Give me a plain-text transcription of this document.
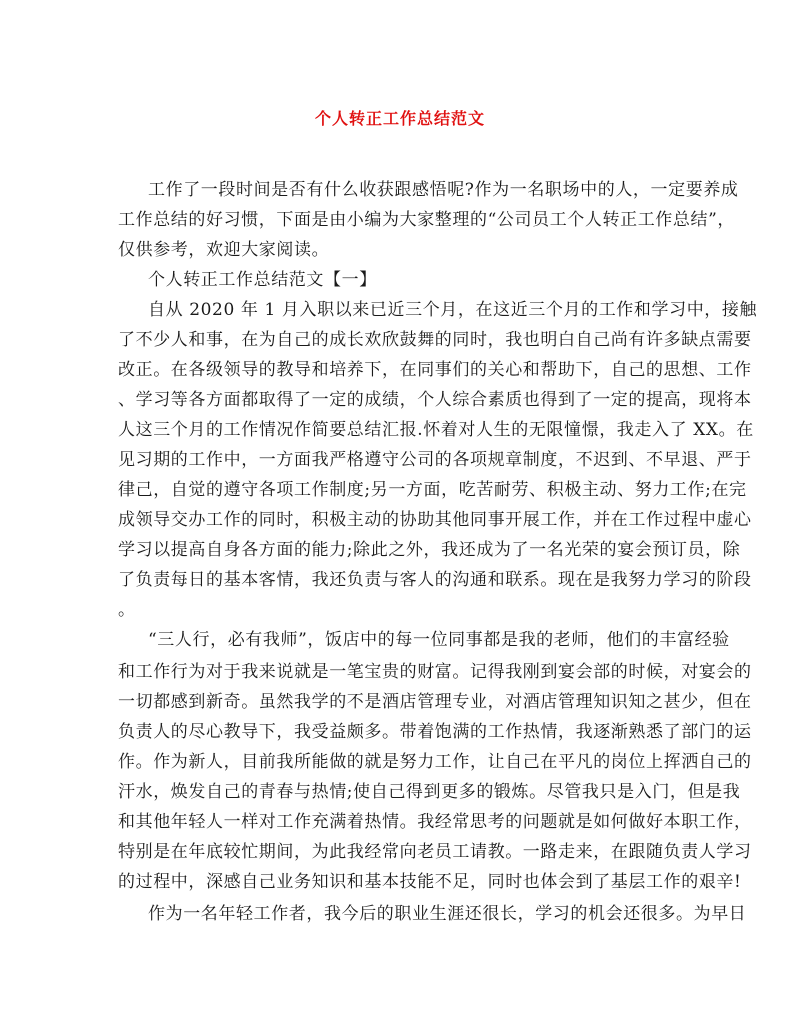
个人转正工作总结范文
工作了一段时间是否有什么收获跟感悟呢?作为一名职场中的人，一定要养成
工作总结的好习惯，下面是由小编为大家整理的“公司员工个人转正工作总结”，
仅供参考，欢迎大家阅读。
个人转正工作总结范文【一】
自从 2020 年 1 月入职以来已近三个月，在这近三个月的工作和学习中，接触
了不少人和事，在为自己的成长欢欣鼓舞的同时，我也明白自己尚有许多缺点需要
改正。在各级领导的教导和培养下，在同事们的关心和帮助下，自己的思想、工作
、学习等各方面都取得了一定的成绩，个人综合素质也得到了一定的提高，现将本
人这三个月的工作情况作简要总结汇报.怀着对人生的无限憧憬，我走入了 XX。在
见习期的工作中，一方面我严格遵守公司的各项规章制度，不迟到、不早退、严于
律己，自觉的遵守各项工作制度;另一方面，吃苦耐劳、积极主动、努力工作;在完
成领导交办工作的同时，积极主动的协助其他同事开展工作，并在工作过程中虚心
学习以提高自身各方面的能力;除此之外，我还成为了一名光荣的宴会预订员，除
了负责每日的基本客情，我还负责与客人的沟通和联系。现在是我努力学习的阶段
。
“三人行，必有我师”，饭店中的每一位同事都是我的老师，他们的丰富经验
和工作行为对于我来说就是一笔宝贵的财富。记得我刚到宴会部的时候，对宴会的
一切都感到新奇。虽然我学的不是酒店管理专业，对酒店管理知识知之甚少，但在
负责人的尽心教导下，我受益颇多。带着饱满的工作热情，我逐渐熟悉了部门的运
作。作为新人，目前我所能做的就是努力工作，让自己在平凡的岗位上挥洒自己的
汗水，焕发自己的青春与热情;使自己得到更多的锻炼。尽管我只是入门，但是我
和其他年轻人一样对工作充满着热情。我经常思考的问题就是如何做好本职工作，
特别是在年底较忙期间，为此我经常向老员工请教。一路走来，在跟随负责人学习
的过程中，深感自己业务知识和基本技能不足，同时也体会到了基层工作的艰辛!
作为一名年轻工作者，我今后的职业生涯还很长，学习的机会还很多。为早日
